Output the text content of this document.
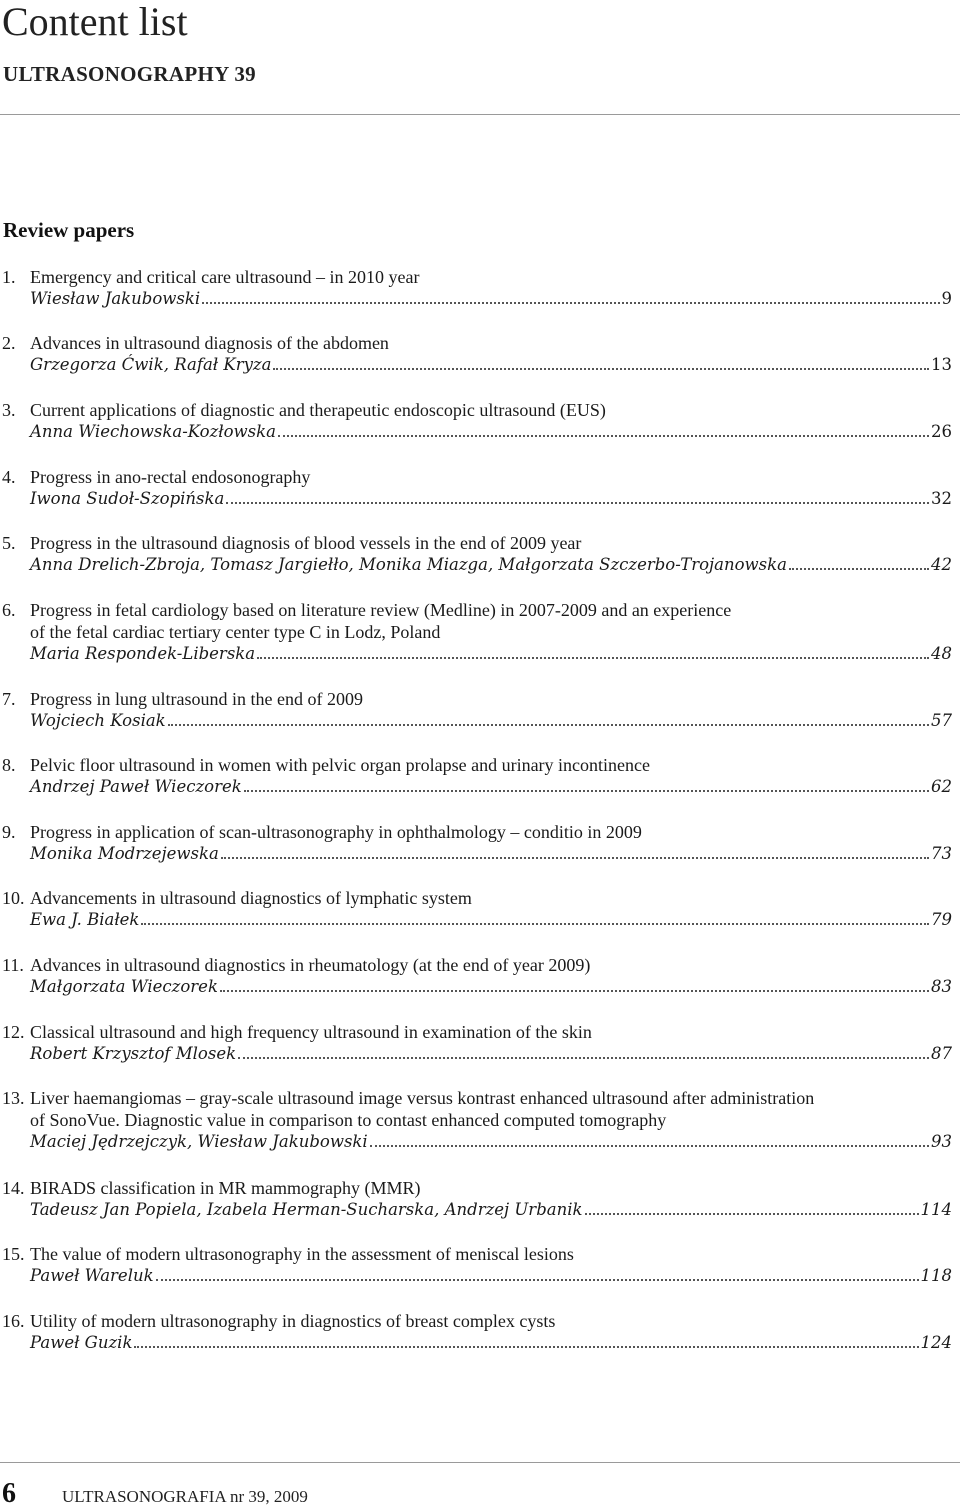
Content list
ULTRASONOGRAPHY 39
Review papers
1. Emergency and critical care ultrasound – in 2010 year
Wiesław Jakubowski	9
2. Advances in ultrasound diagnosis of the abdomen
Grzegorza Ćwik, Rafał Kryza	13
3. Current applications of diagnostic and therapeutic endoscopic ultrasound (EUS)
Anna Wiechowska-Kozłowska	26
4. Progress in ano-rectal endosonography
Iwona Sudoł-Szopińska	32
5. Progress in the ultrasound diagnosis of blood vessels in the end of 2009 year
Anna Drelich-Zbroja, Tomasz Jargiełło, Monika Miazga, Małgorzata Szczerbo-Trojanowska	42
6. Progress in fetal cardiology based on literature review (Medline) in 2007-2009 and an experience
of the fetal cardiac tertiary center type C in Lodz, Poland
Maria Respondek-Liberska	48
7. Progress in lung ultrasound in the end of 2009
Wojciech Kosiak	57
8. Pelvic floor ultrasound in women with pelvic organ prolapse and urinary incontinence
Andrzej Paweł Wieczorek	62
9. Progress in application of scan-ultrasonography in ophthalmology – conditio in 2009
Monika Modrzejewska	73
10. Advancements in ultrasound diagnostics of lymphatic system
Ewa J. Białek	79
11. Advances in ultrasound diagnostics in rheumatology (at the end of year 2009)
Małgorzata Wieczorek	83
12. Classical ultrasound and high frequency ultrasound in examination of the skin
Robert Krzysztof Mlosek	87
13. Liver haemangiomas – gray-scale ultrasound image versus kontrast enhanced ultrasound after administration
of SonoVue. Diagnostic value in comparison to contast enhanced computed tomography
Maciej Jędrzejczyk, Wiesław Jakubowski	93
14. BIRADS classification in MR mammography (MMR)
Tadeusz Jan Popiela, Izabela Herman-Sucharska, Andrzej Urbanik	114
15. The value of modern ultrasonography in the assessment of meniscal lesions
Paweł Wareluk	118
16. Utility of modern ultrasonography in diagnostics of breast complex cysts
Paweł Guzik	124
6	ULTRASONOGRAFIA nr 39, 2009
